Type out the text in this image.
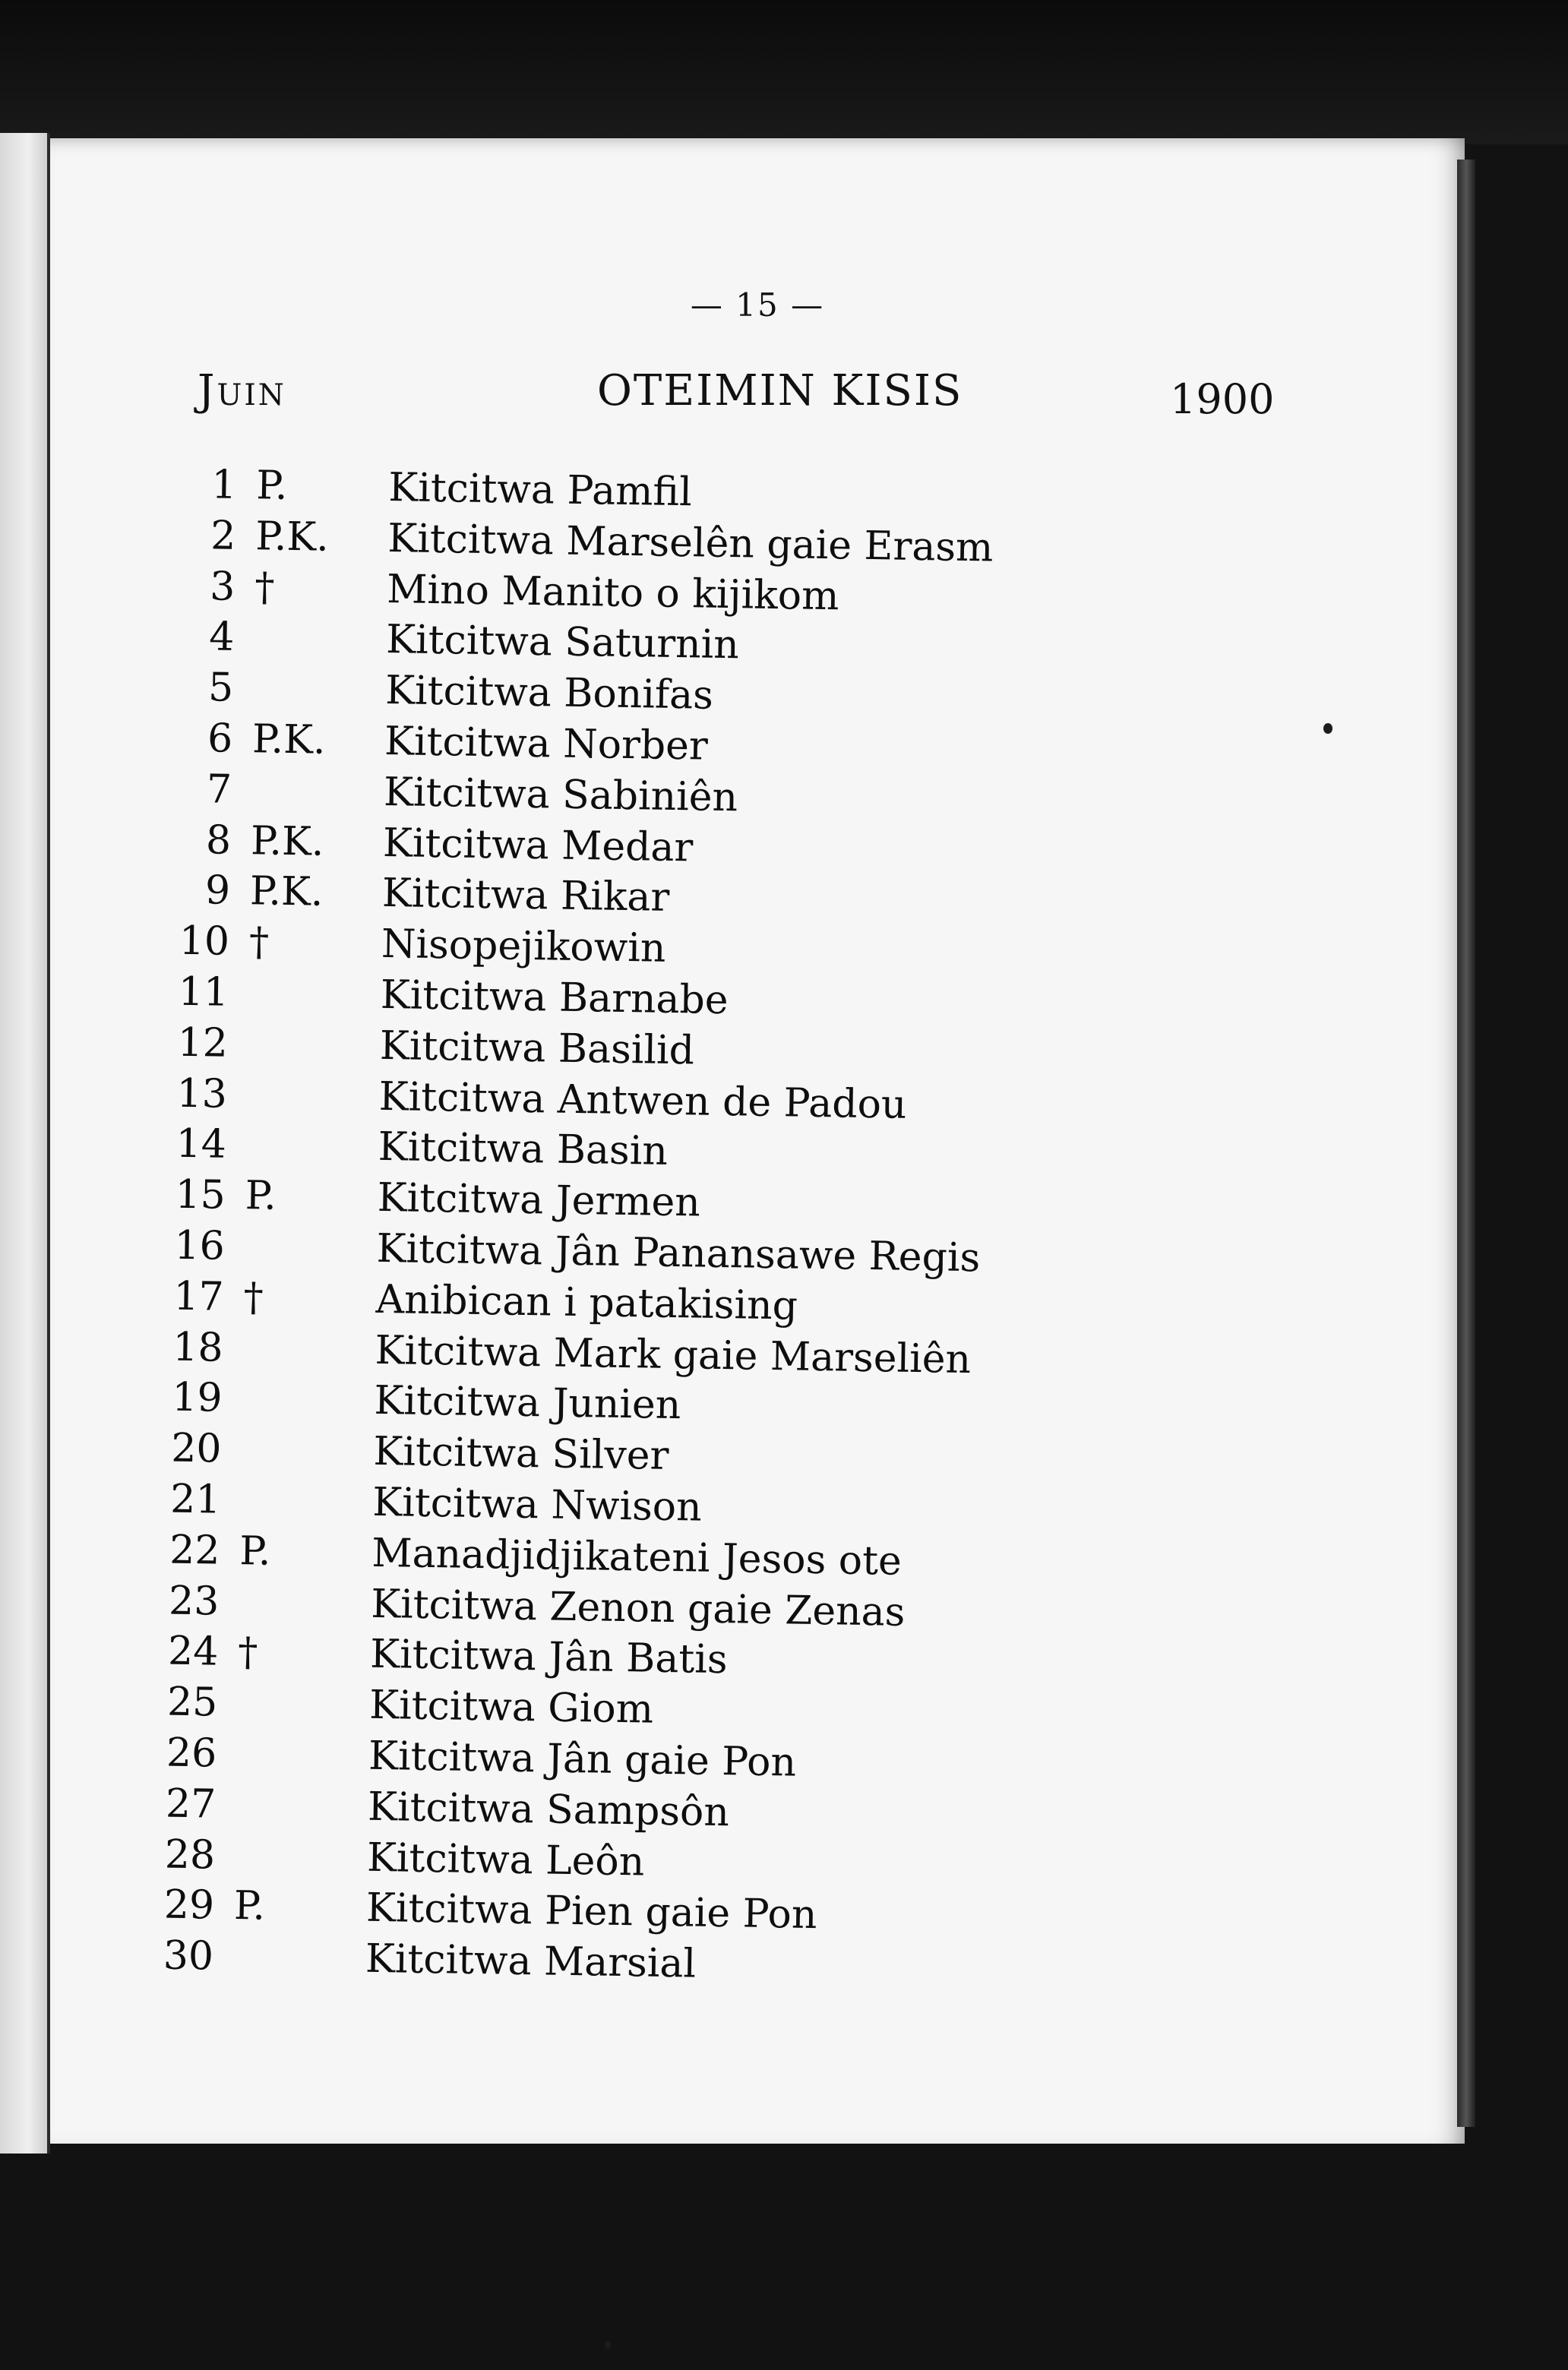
— 15 —
Juin	OTEIMIN KISIS	1900
1 P.	Kitcitwa Pamfil
2 P.K. Kitcitwa Marselên gaie Erasm
3 †	Mino Manito o kijikom
4	Kitcitwa Saturnin
5	Kitcitwa Bonifas
6 P.K. Kitcitwa Norber
7	Kitcitwa Sabiniên
8 P.K. Kitcitwa Medar
9 P.K. Kitcitwa Rikar
10 †	Nisopejikowin
11	Kitcitwa Barnabe
12	Kitcitwa Basilid
13	Kitcitwa Antwen de Padou
14	Kitcitwa Basin
15 P.	Kitcitwa Jermen
16	Kitcitwa Jân Panansawe Regis
17 †	Anibican i patakising
18	Kitcitwa Mark gaie Marseliên
19	Kitcitwa Junien
20	Kitcitwa Silver
21	Kitcitwa Nwison
22 P.	Manadjidjikateni Jesos ote
23	Kitcitwa Zenon gaie Zenas
24 †	Kitcitwa Jân Batis
25	Kitcitwa Giom
26	Kitcitwa Jân gaie Pon
27	Kitcitwa Sampsôn
28	Kitcitwa Leôn
29 P.	Kitcitwa Pien gaie Pon
30	Kitcitwa Marsial
